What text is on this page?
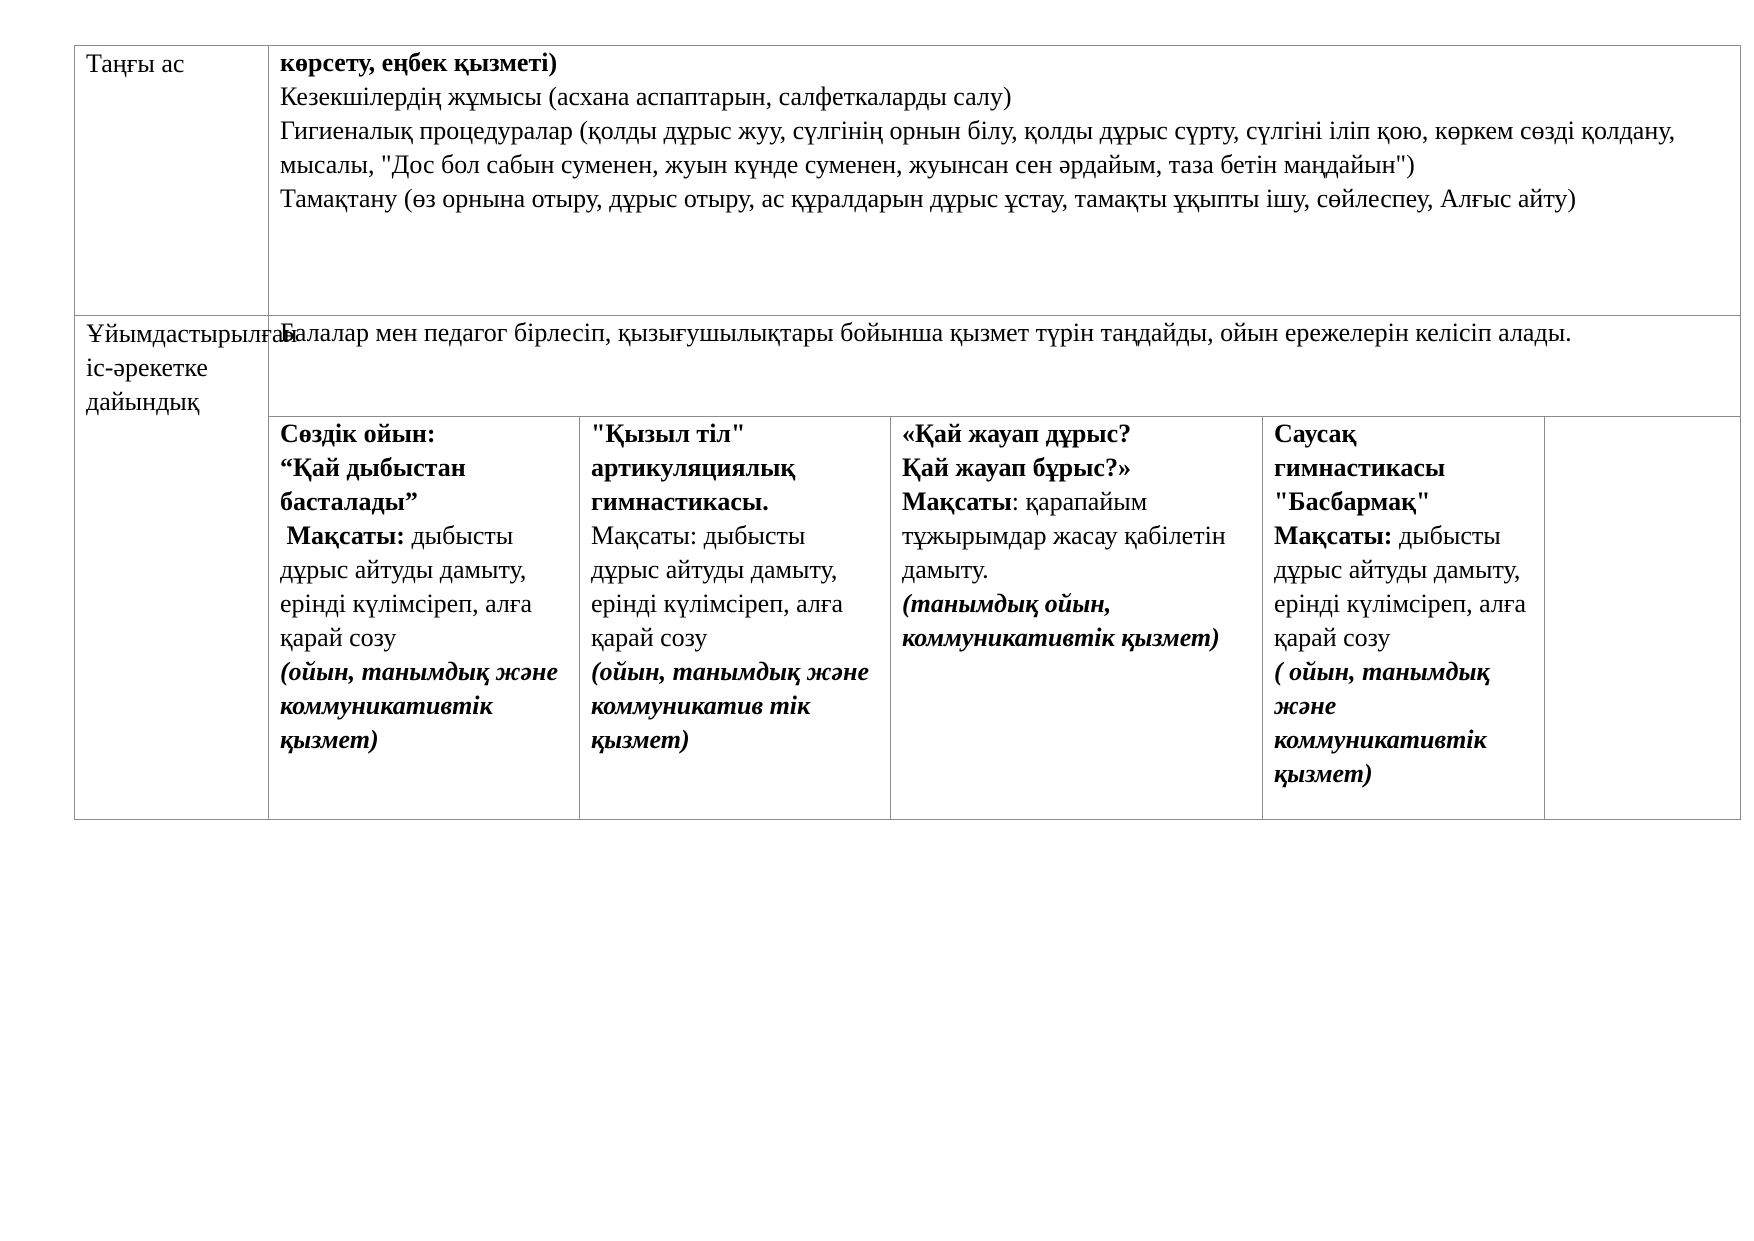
Таңғы ас	көрсету, еңбек қызметі)
Кезекшілердің жұмысы (асхана аспаптарын, салфеткаларды салу)
Гигиеналық процедуралар (қолды дұрыс жуу, сүлгінің орнын білу, қолды дұрыс сүрту, сүлгіні іліп қою, көркем сөзді қолдану, мысалы, "Дос бол сабын суменен, жуын күнде суменен, жуынсан сен әрдайым, таза бетін маңдайын")
Тамақтану (өз орнына отыру, дұрыс отыру, ас құралдарын дұрыс ұстау, тамақты ұқыпты ішу, сөйлеспеу, Алғыс айту)				

Ұйымдастырылған іс-әрекетке дайындық	Балалар мен педагог бірлесіп, қызығушылықтары бойынша қызмет түрін таңдайды, ойын ережелерін келісіп алады.				

	Сөздік ойын:
“Қай дыбыстан басталады”
Мақсаты: дыбысты дұрыс айтуды дамыту, еріндi күлімсіреп, алға қарай созу
(ойын, танымдық және коммуникативтік қызмет)	"Қызыл тіл" артикуляциялық гимнастикасы.
Мақсаты: дыбысты дұрыс айтуды дамыту, еріндi күлімсіреп, алға қарай созу
(ойын, танымдық және коммуникатив тік қызмет)	«Қай жауап дұрыс?
Қай жауап бұрыс?»
Мақсаты: қарапайым тұжырымдар жасау қабілетін дамыту.
(танымдық ойын, коммуникативтік қызмет)	Саусақ гимнастикасы "Басбармақ"
Мақсаты: дыбысты дұрыс айтуды дамыту, еріндi күлімсіреп, алға қарай созу
( ойын, танымдық және коммуникативтік қызмет)	
